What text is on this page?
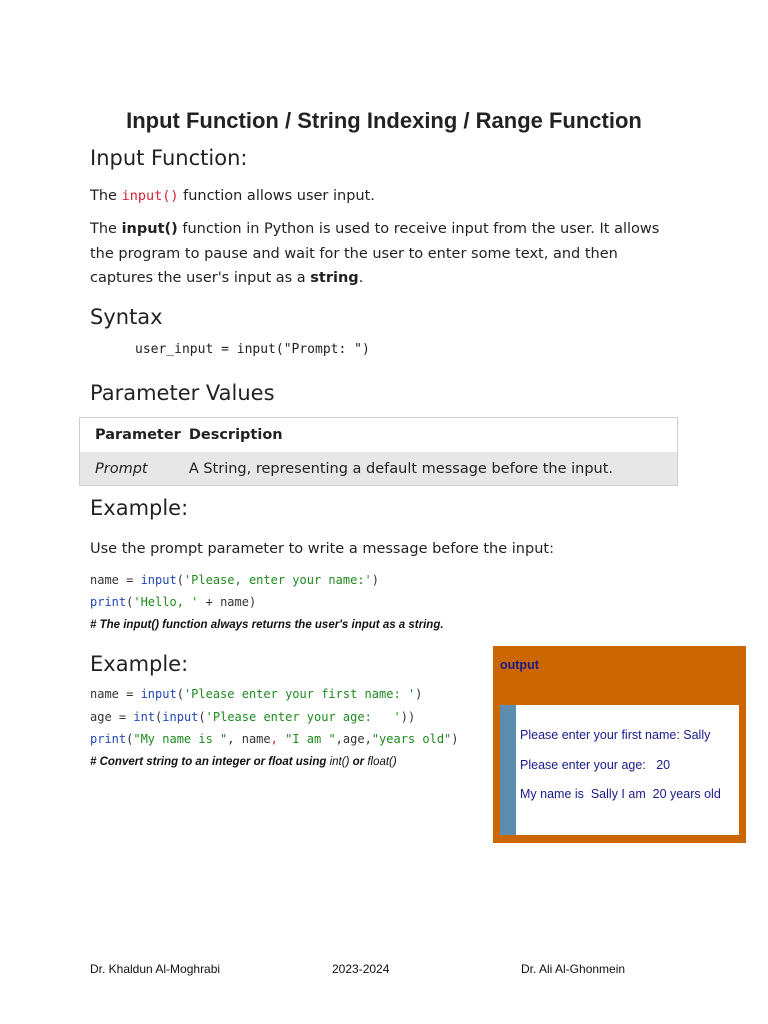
Input Function / String Indexing / Range Function
Input Function:
The input() function allows user input.
The input() function in Python is used to receive input from the user. It allows the program to pause and wait for the user to enter some text, and then captures the user's input as a string.
Syntax
user_input = input("Prompt: ")
Parameter Values
Parameter	Description
Prompt	A String, representing a default message before the input.
Example:
Use the prompt parameter to write a message before the input:
name = input('Please, enter your name:')
print('Hello, ' + name)
# The input() function always returns the user's input as a string.
Example:
name = input('Please enter your first name: ')
age = int(input('Please enter your age:   '))
print("My name is ", name, "I am ",age,"years old")
# Convert string to an integer or float using int() or float()
output
Please enter your first name: Sally
Please enter your age:   20
My name is  Sally I am  20 years old
Dr. Khaldun Al-Moghrabi	2023-2024	Dr. Ali Al-Ghonmein
